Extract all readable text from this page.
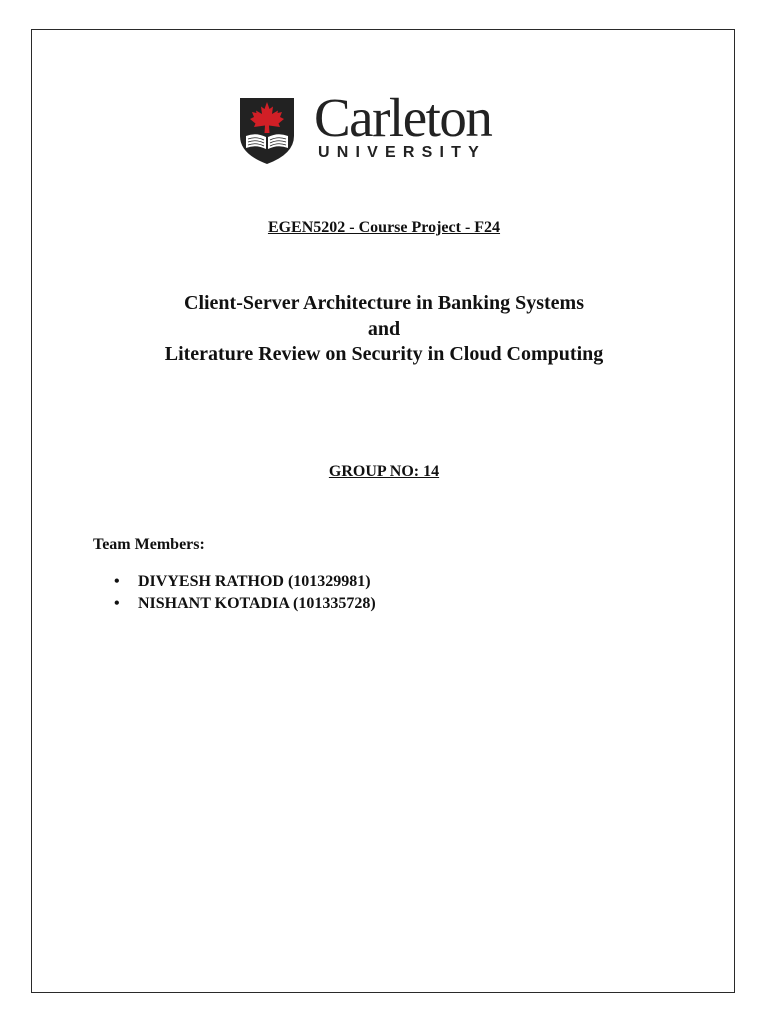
Carleton
UNIVERSITY
EGEN5202 - Course Project - F24
Client-Server Architecture in Banking Systems
and
Literature Review on Security in Cloud Computing
GROUP NO: 14
Team Members:
• DIVYESH RATHOD (101329981)
• NISHANT KOTADIA (101335728)
